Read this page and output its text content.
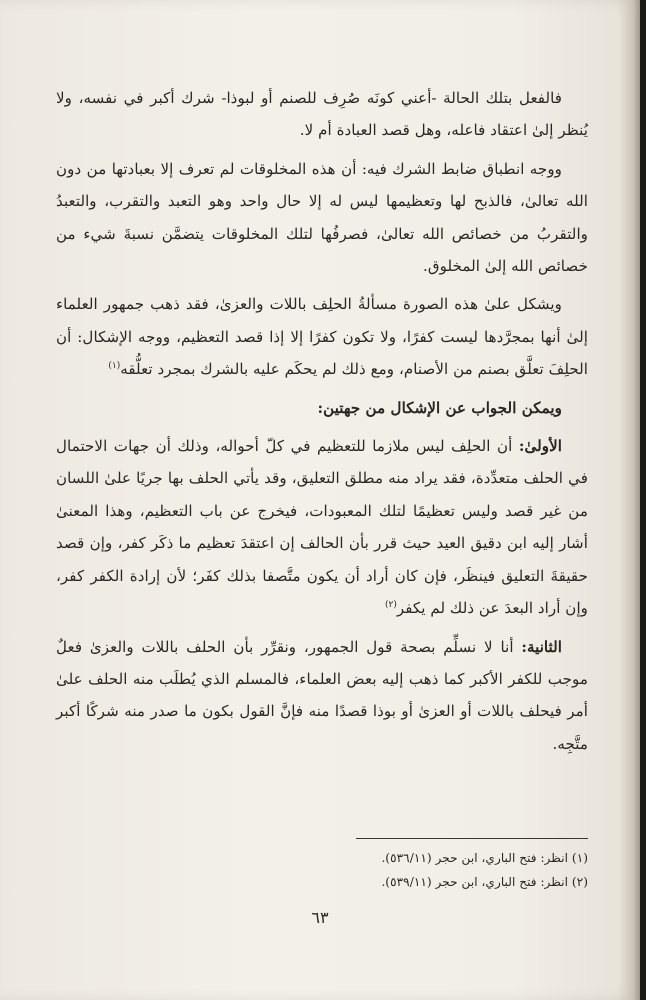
فالفعل بتلك الحالة -أعني كونَه صُرِف للصنم أو لبوذا- شرك أكبر في نفسه، ولا يُنظر إلىٰ اعتقاد فاعله، وهل قصد العبادة أم لا.

ووجه انطباق ضابط الشرك فيه: أن هذه المخلوقات لم تعرف إلا بعبادتها من دون الله تعالىٰ، فالذبح لها وتعظيمها ليس له إلا حال واحد وهو التعبد والتقرب، والتعبدُ والتقربُ من خصائص الله تعالىٰ، فصرفُها لتلك المخلوقات يتضمَّن نسبةَ شيء من خصائص الله إلىٰ المخلوق.

ويشكل علىٰ هذه الصورة مسألةُ الحلِف باللات والعزىٰ، فقد ذهب جمهور العلماء إلىٰ أنها بمجرَّدها ليست كفرًا، ولا تكون كفرًا إلا إذا قصد التعظيم، ووجه الإشكال: أن الحلِفَ تعلَّق بصنم من الأصنام، ومع ذلك لم يحكَم عليه بالشرك بمجرد تعلُّقه$^{(١)}$

ويمكن الجواب عن الإشكال من جهتين:

الأولىٰ: أن الحلِف ليس ملازما للتعظيم في كلّ أحواله، وذلك أن جهات الاحتمال في الحلف متعدِّدة، فقد يراد منه مطلق التعليق، وقد يأتي الحلف بها جريًا علىٰ اللسان من غير قصد وليس تعظيمًا لتلك المعبودات، فيخرج عن باب التعظيم، وهذا المعنىٰ أشار إليه ابن دقيق العيد حيث قرر بأن الحالف إن اعتقدَ تعظيم ما ذكَر كفر، وإن قصد حقيقةَ التعليق فينظَر، فإن كان أراد أن يكون متَّصفا بذلك كفَر؛ لأن إرادة الكفر كفر، وإن أراد البعدَ عن ذلك لم يكفر$^{(٢)}$

الثانية: أنا لا نسلِّم بصحة قول الجمهور، ونقرِّر بأن الحلف باللات والعزىٰ فعلٌ موجب للكفر الأكبر كما ذهب إليه بعض العلماء، فالمسلم الذي يُطلَب منه الحلف علىٰ أمر فيحلف باللات أو العزىٰ أو بوذا قصدًا منه فإنَّ القول بكون ما صدر منه شركًا أكبر متَّجِه.

(١) انظر: فتح الباري، ابن حجر (٥٣٦/١١).

(٢) انظر: فتح الباري، ابن حجر (٥٣٩/١١).

٦٣
